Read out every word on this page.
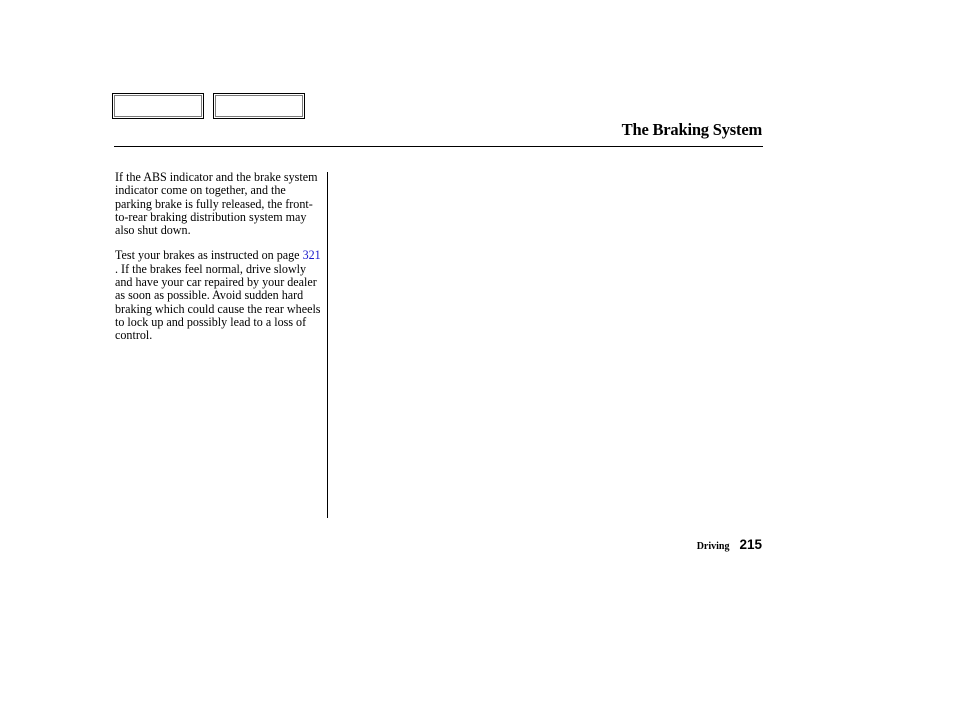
The Braking System

If the ABS indicator and the brake system indicator come on together, and the parking brake is fully released, the front-to-rear braking distribution system may also shut down.

Test your brakes as instructed on page 321 . If the brakes feel normal, drive slowly and have your car repaired by your dealer as soon as possible. Avoid sudden hard braking which could cause the rear wheels to lock up and possibly lead to a loss of control.

Driving 215
